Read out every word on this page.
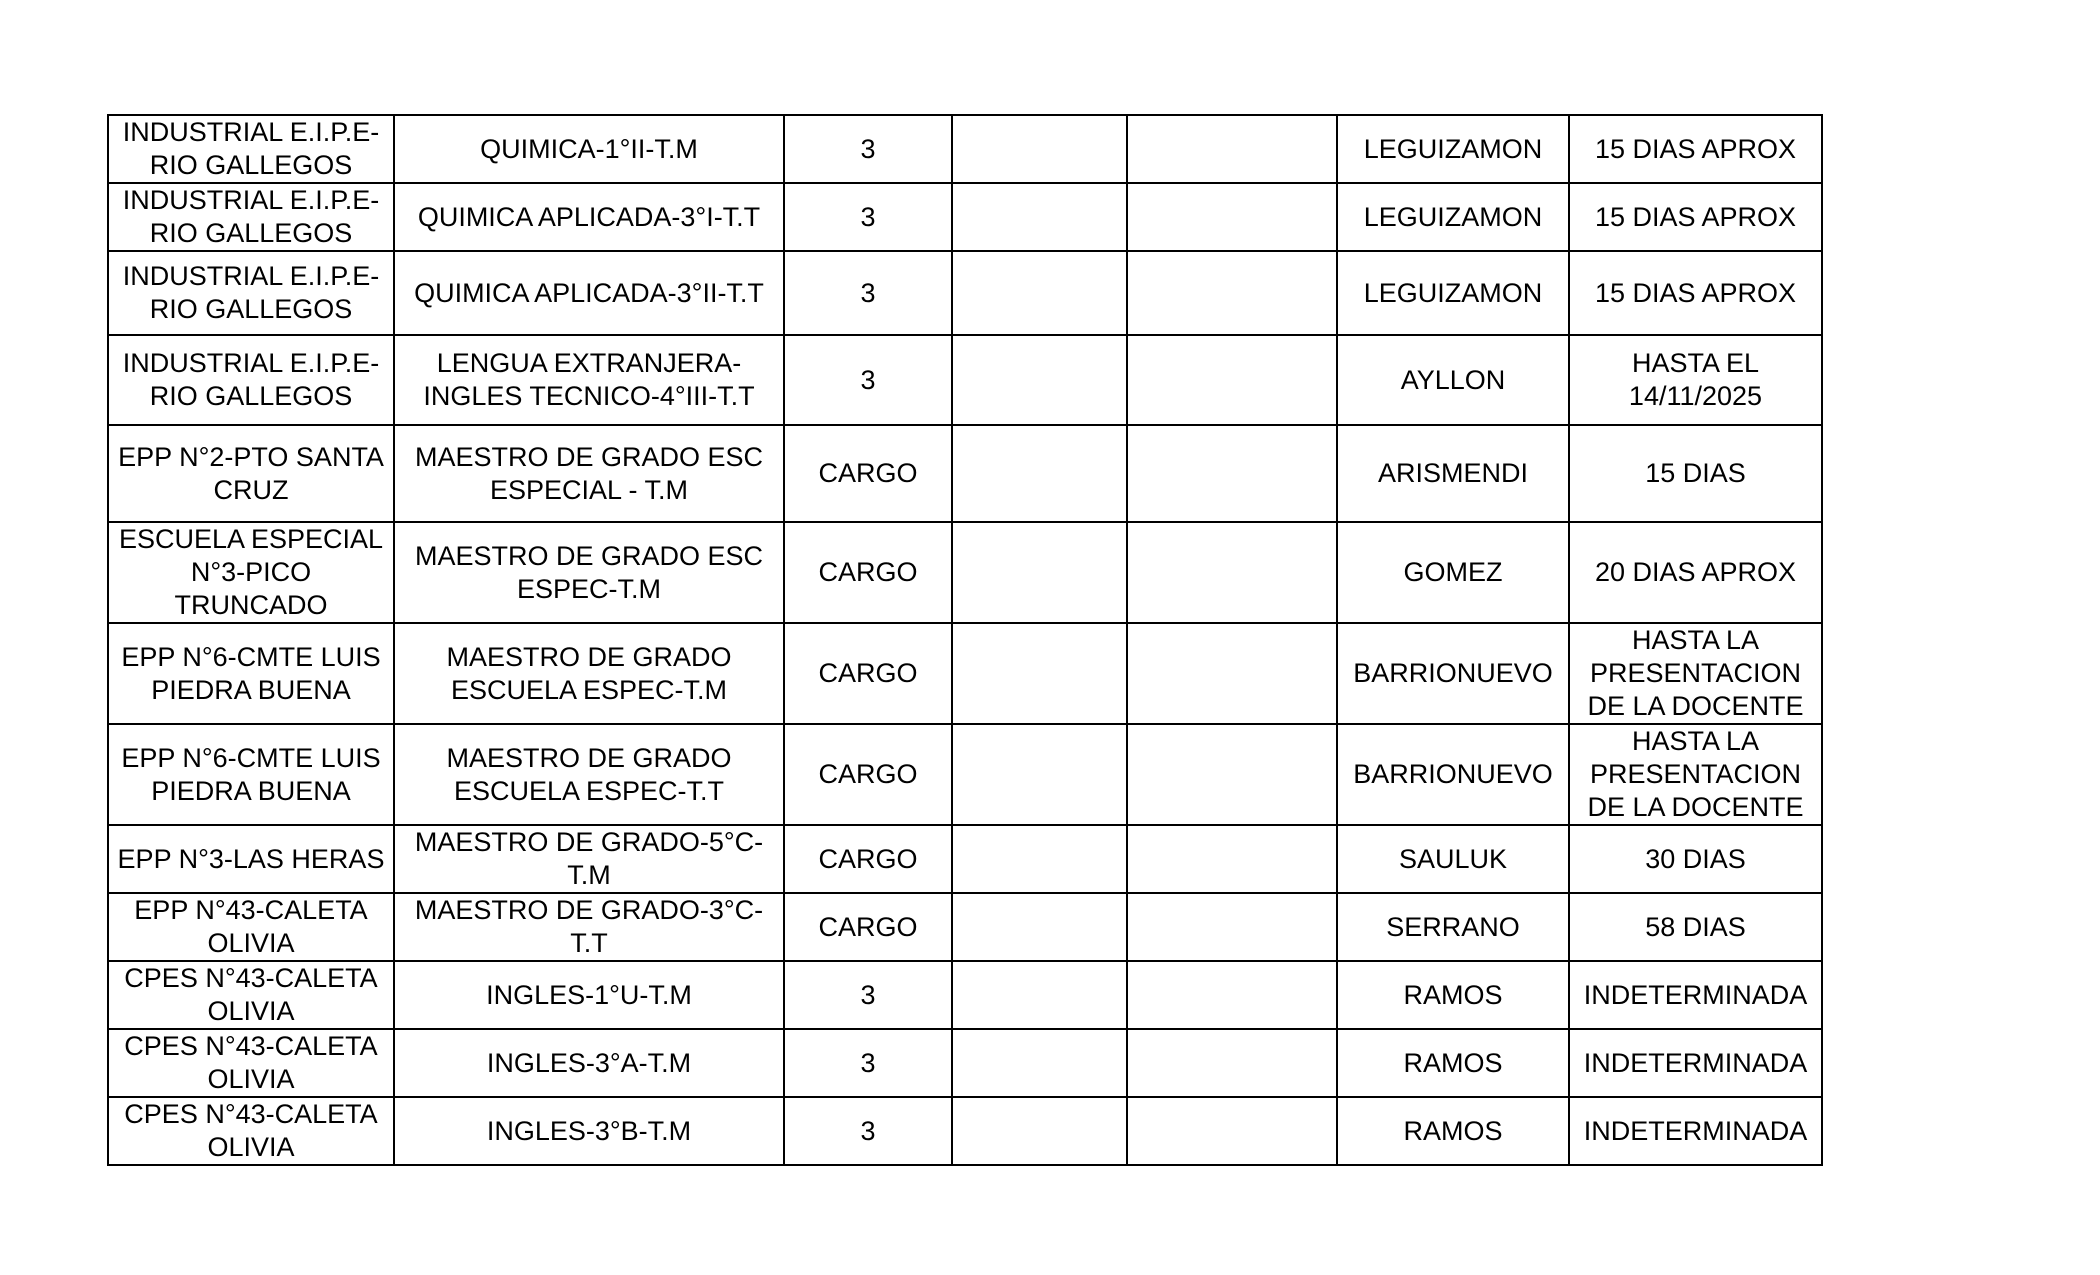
INDUSTRIAL E.I.P.E-RIO GALLEGOS	QUIMICA-1°II-T.M	3			LEGUIZAMON	15 DIAS APROX
INDUSTRIAL E.I.P.E-RIO GALLEGOS	QUIMICA APLICADA-3°I-T.T	3			LEGUIZAMON	15 DIAS APROX
INDUSTRIAL E.I.P.E-RIO GALLEGOS	QUIMICA APLICADA-3°II-T.T	3			LEGUIZAMON	15 DIAS APROX
INDUSTRIAL E.I.P.E-RIO GALLEGOS	LENGUA EXTRANJERA-INGLES TECNICO-4°III-T.T	3			AYLLON	HASTA EL 14/11/2025
EPP N°2-PTO SANTA CRUZ	MAESTRO DE GRADO ESC ESPECIAL - T.M	CARGO			ARISMENDI	15 DIAS
ESCUELA ESPECIAL N°3-PICO TRUNCADO	MAESTRO DE GRADO ESC ESPEC-T.M	CARGO			GOMEZ	20 DIAS APROX
EPP N°6-CMTE LUIS PIEDRA BUENA	MAESTRO DE GRADO ESCUELA ESPEC-T.M	CARGO			BARRIONUEVO	HASTA LA PRESENTACION DE LA DOCENTE
EPP N°6-CMTE LUIS PIEDRA BUENA	MAESTRO DE GRADO ESCUELA ESPEC-T.T	CARGO			BARRIONUEVO	HASTA LA PRESENTACION DE LA DOCENTE
EPP N°3-LAS HERAS	MAESTRO DE GRADO-5°C-T.M	CARGO			SAULUK	30 DIAS
EPP N°43-CALETA OLIVIA	MAESTRO DE GRADO-3°C-T.T	CARGO			SERRANO	58 DIAS
CPES N°43-CALETA OLIVIA	INGLES-1°U-T.M	3			RAMOS	INDETERMINADA
CPES N°43-CALETA OLIVIA	INGLES-3°A-T.M	3			RAMOS	INDETERMINADA
CPES N°43-CALETA OLIVIA	INGLES-3°B-T.M	3			RAMOS	INDETERMINADA
